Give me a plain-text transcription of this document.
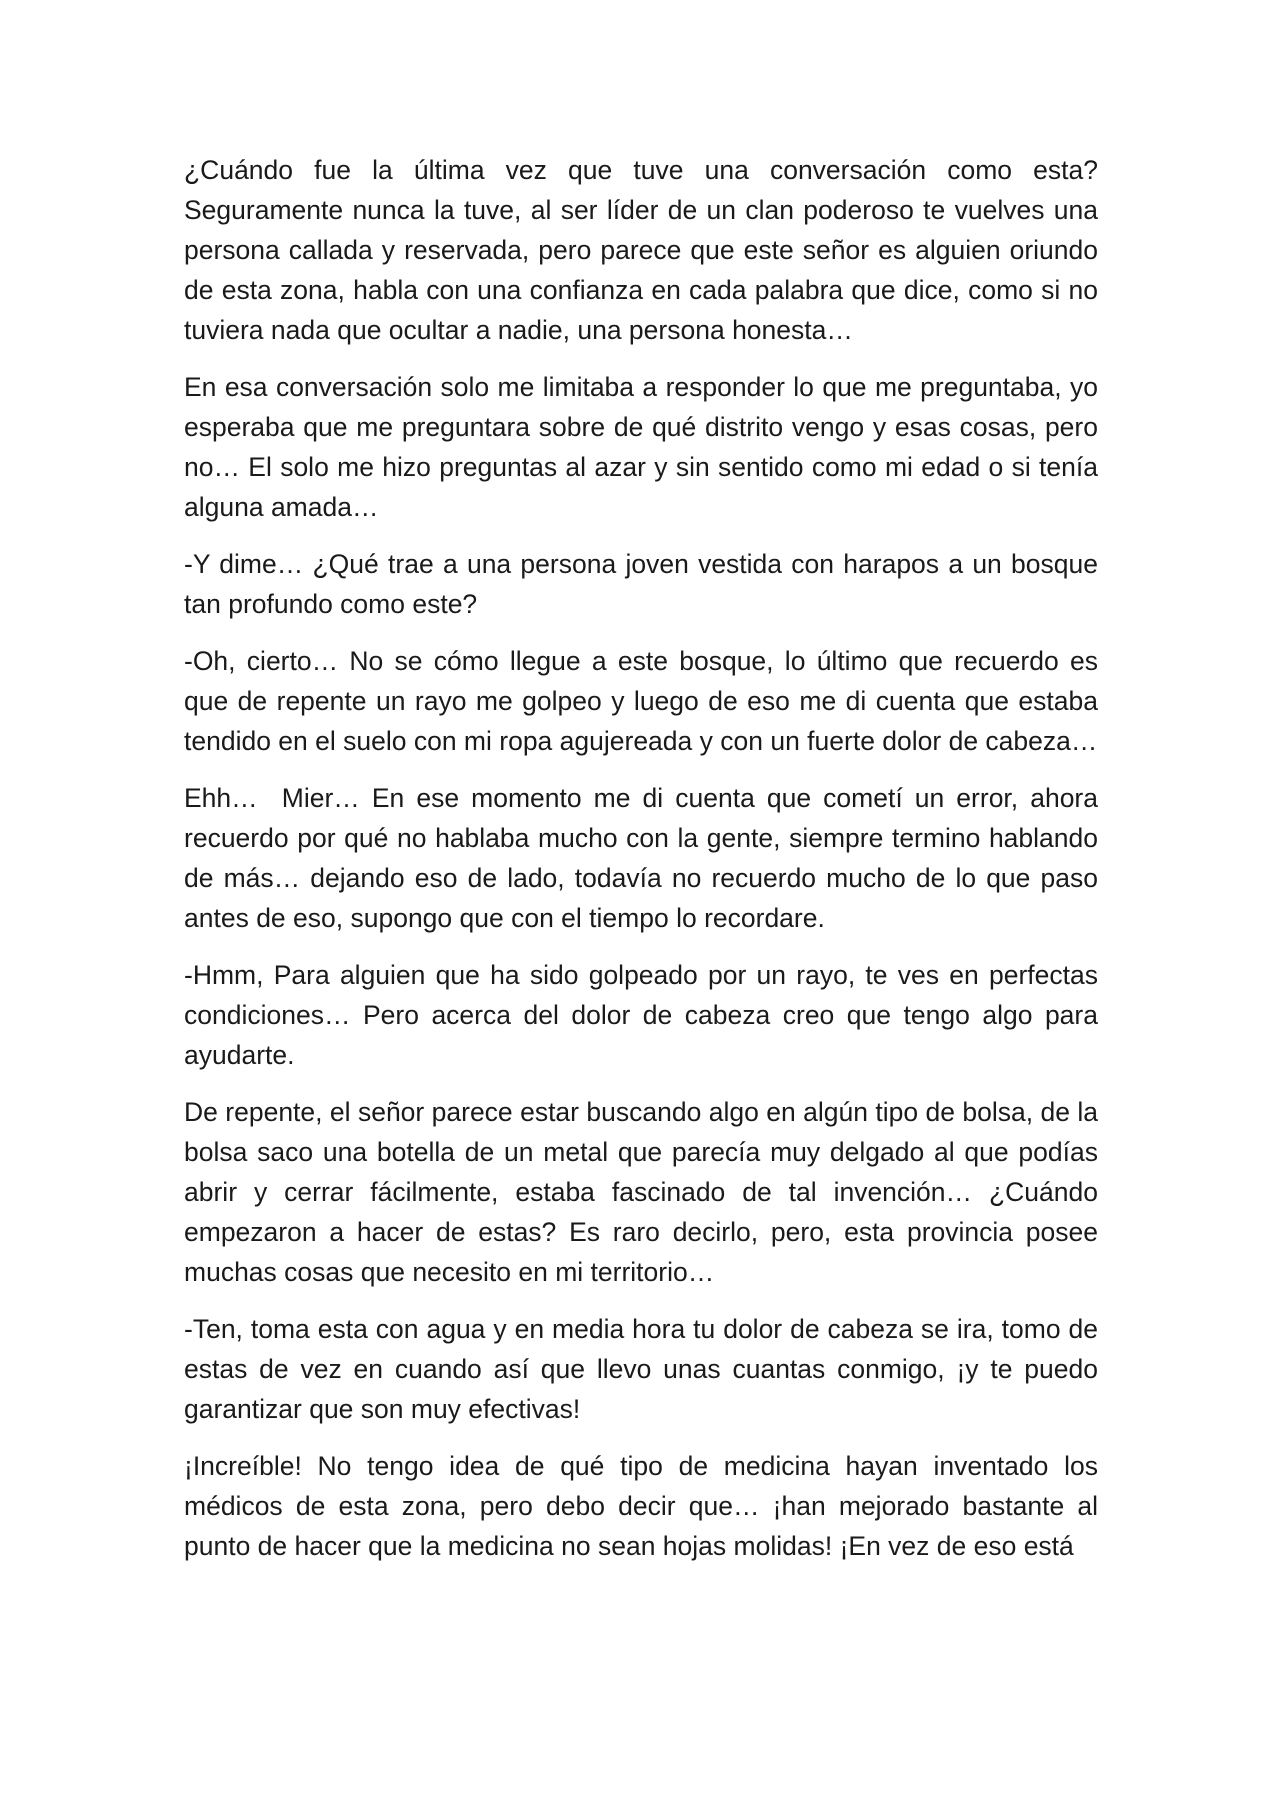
¿Cuándo fue la última vez que tuve una conversación como esta? Seguramente nunca la tuve, al ser líder de un clan poderoso te vuelves una persona callada y reservada, pero parece que este señor es alguien oriundo de esta zona, habla con una confianza en cada palabra que dice, como si no tuviera nada que ocultar a nadie, una persona honesta…

En esa conversación solo me limitaba a responder lo que me preguntaba, yo esperaba que me preguntara sobre de qué distrito vengo y esas cosas, pero no… El solo me hizo preguntas al azar y sin sentido como mi edad o si tenía alguna amada…

-Y dime… ¿Qué trae a una persona joven vestida con harapos a un bosque tan profundo como este?

-Oh, cierto… No se cómo llegue a este bosque, lo último que recuerdo es que de repente un rayo me golpeo y luego de eso me di cuenta que estaba tendido en el suelo con mi ropa agujereada y con un fuerte dolor de cabeza…

Ehh…  Mier… En ese momento me di cuenta que cometí un error, ahora recuerdo por qué no hablaba mucho con la gente, siempre termino hablando de más… dejando eso de lado, todavía no recuerdo mucho de lo que paso antes de eso, supongo que con el tiempo lo recordare.

-Hmm, Para alguien que ha sido golpeado por un rayo, te ves en perfectas condiciones… Pero acerca del dolor de cabeza creo que tengo algo para ayudarte.

De repente, el señor parece estar buscando algo en algún tipo de bolsa, de la bolsa saco una botella de un metal que parecía muy delgado al que podías abrir y cerrar fácilmente, estaba fascinado de tal invención… ¿Cuándo empezaron a hacer de estas? Es raro decirlo, pero, esta provincia posee muchas cosas que necesito en mi territorio…

-Ten, toma esta con agua y en media hora tu dolor de cabeza se ira, tomo de estas de vez en cuando así que llevo unas cuantas conmigo, ¡y te puedo garantizar que son muy efectivas!

¡Increíble! No tengo idea de qué tipo de medicina hayan inventado los médicos de esta zona, pero debo decir que… ¡han mejorado bastante al punto de hacer que la medicina no sean hojas molidas! ¡En vez de eso está
